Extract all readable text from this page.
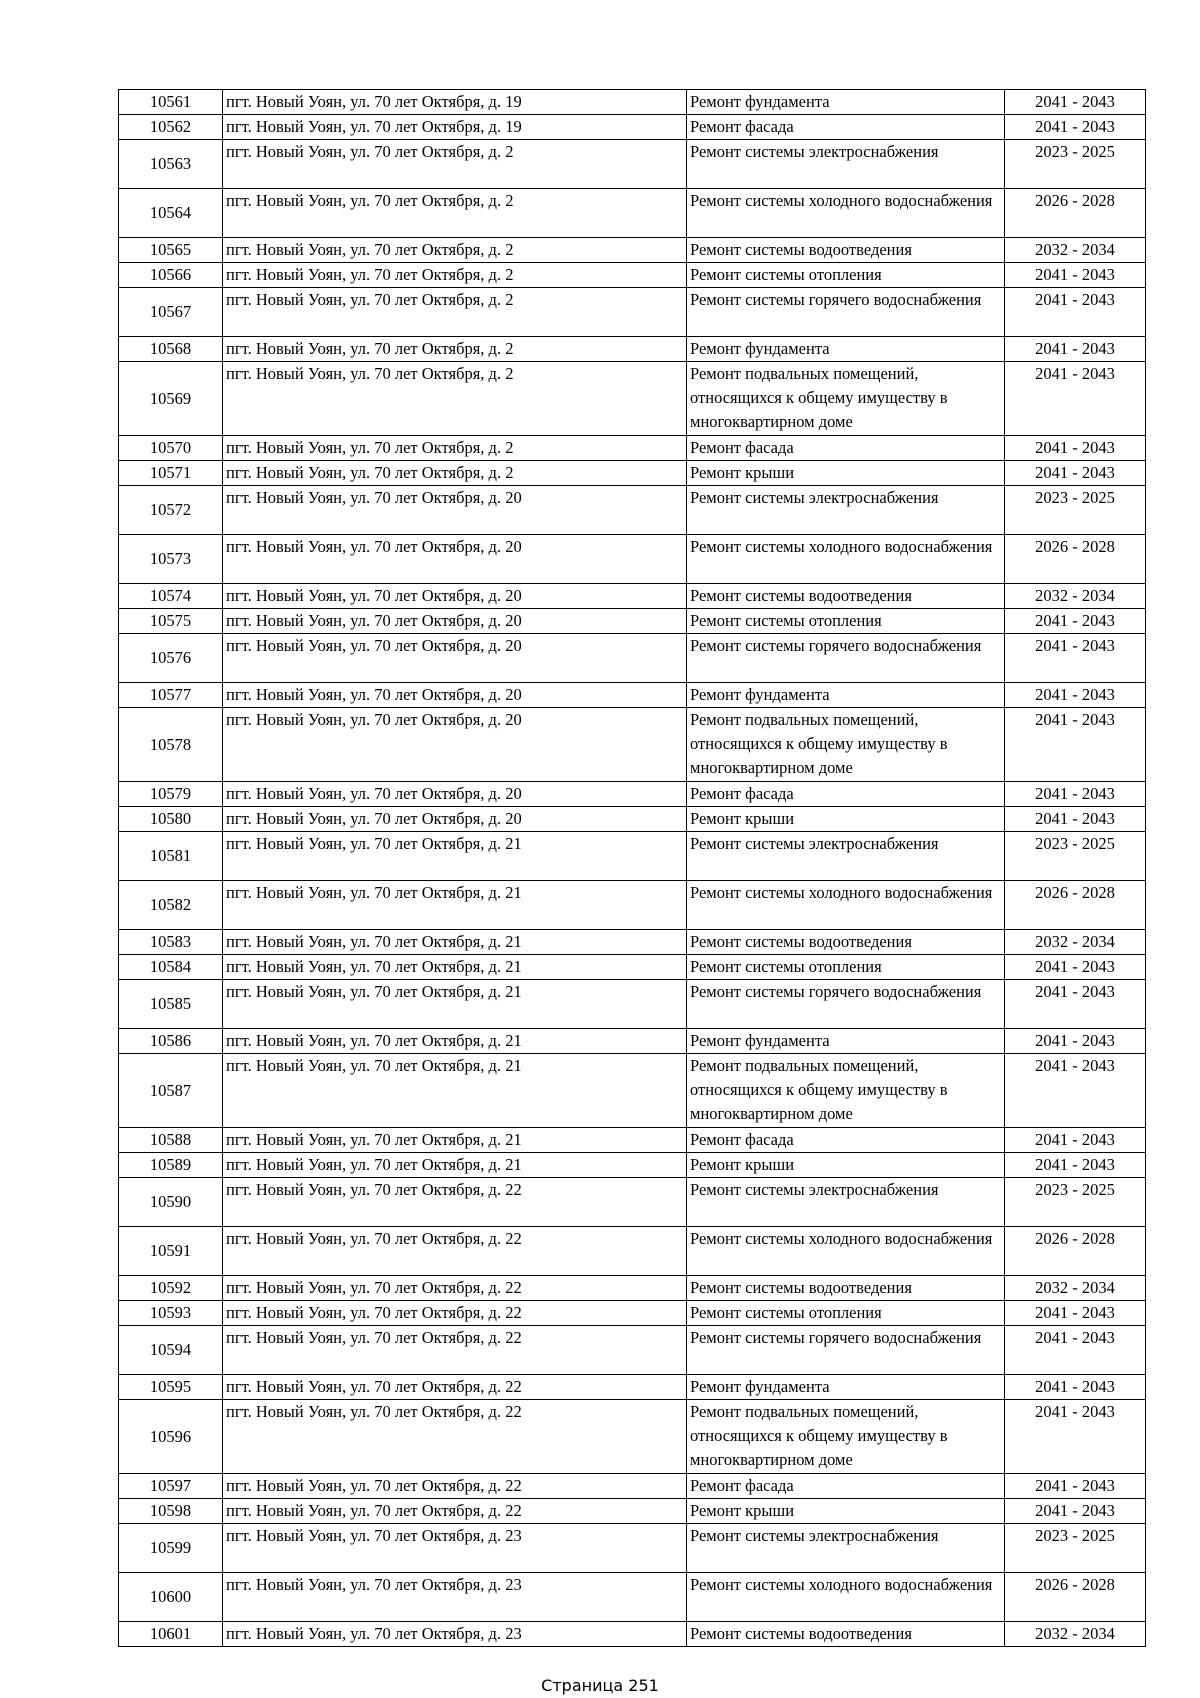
10561	пгт. Новый Уоян, ул. 70 лет Октября, д. 19	Ремонт фундамента	2041 - 2043
10562	пгт. Новый Уоян, ул. 70 лет Октября, д. 19	Ремонт фасада	2041 - 2043
10563	пгт. Новый Уоян, ул. 70 лет Октября, д. 2	Ремонт системы электроснабжения	2023 - 2025
10564	пгт. Новый Уоян, ул. 70 лет Октября, д. 2	Ремонт системы холодного водоснабжения	2026 - 2028
10565	пгт. Новый Уоян, ул. 70 лет Октября, д. 2	Ремонт системы водоотведения	2032 - 2034
10566	пгт. Новый Уоян, ул. 70 лет Октября, д. 2	Ремонт системы отопления	2041 - 2043
10567	пгт. Новый Уоян, ул. 70 лет Октября, д. 2	Ремонт системы горячего водоснабжения	2041 - 2043
10568	пгт. Новый Уоян, ул. 70 лет Октября, д. 2	Ремонт фундамента	2041 - 2043
10569	пгт. Новый Уоян, ул. 70 лет Октября, д. 2	Ремонт подвальных помещений, относящихся к общему имуществу в многоквартирном доме	2041 - 2043
10570	пгт. Новый Уоян, ул. 70 лет Октября, д. 2	Ремонт фасада	2041 - 2043
10571	пгт. Новый Уоян, ул. 70 лет Октября, д. 2	Ремонт крыши	2041 - 2043
10572	пгт. Новый Уоян, ул. 70 лет Октября, д. 20	Ремонт системы электроснабжения	2023 - 2025
10573	пгт. Новый Уоян, ул. 70 лет Октября, д. 20	Ремонт системы холодного водоснабжения	2026 - 2028
10574	пгт. Новый Уоян, ул. 70 лет Октября, д. 20	Ремонт системы водоотведения	2032 - 2034
10575	пгт. Новый Уоян, ул. 70 лет Октября, д. 20	Ремонт системы отопления	2041 - 2043
10576	пгт. Новый Уоян, ул. 70 лет Октября, д. 20	Ремонт системы горячего водоснабжения	2041 - 2043
10577	пгт. Новый Уоян, ул. 70 лет Октября, д. 20	Ремонт фундамента	2041 - 2043
10578	пгт. Новый Уоян, ул. 70 лет Октября, д. 20	Ремонт подвальных помещений, относящихся к общему имуществу в многоквартирном доме	2041 - 2043
10579	пгт. Новый Уоян, ул. 70 лет Октября, д. 20	Ремонт фасада	2041 - 2043
10580	пгт. Новый Уоян, ул. 70 лет Октября, д. 20	Ремонт крыши	2041 - 2043
10581	пгт. Новый Уоян, ул. 70 лет Октября, д. 21	Ремонт системы электроснабжения	2023 - 2025
10582	пгт. Новый Уоян, ул. 70 лет Октября, д. 21	Ремонт системы холодного водоснабжения	2026 - 2028
10583	пгт. Новый Уоян, ул. 70 лет Октября, д. 21	Ремонт системы водоотведения	2032 - 2034
10584	пгт. Новый Уоян, ул. 70 лет Октября, д. 21	Ремонт системы отопления	2041 - 2043
10585	пгт. Новый Уоян, ул. 70 лет Октября, д. 21	Ремонт системы горячего водоснабжения	2041 - 2043
10586	пгт. Новый Уоян, ул. 70 лет Октября, д. 21	Ремонт фундамента	2041 - 2043
10587	пгт. Новый Уоян, ул. 70 лет Октября, д. 21	Ремонт подвальных помещений, относящихся к общему имуществу в многоквартирном доме	2041 - 2043
10588	пгт. Новый Уоян, ул. 70 лет Октября, д. 21	Ремонт фасада	2041 - 2043
10589	пгт. Новый Уоян, ул. 70 лет Октября, д. 21	Ремонт крыши	2041 - 2043
10590	пгт. Новый Уоян, ул. 70 лет Октября, д. 22	Ремонт системы электроснабжения	2023 - 2025
10591	пгт. Новый Уоян, ул. 70 лет Октября, д. 22	Ремонт системы холодного водоснабжения	2026 - 2028
10592	пгт. Новый Уоян, ул. 70 лет Октября, д. 22	Ремонт системы водоотведения	2032 - 2034
10593	пгт. Новый Уоян, ул. 70 лет Октября, д. 22	Ремонт системы отопления	2041 - 2043
10594	пгт. Новый Уоян, ул. 70 лет Октября, д. 22	Ремонт системы горячего водоснабжения	2041 - 2043
10595	пгт. Новый Уоян, ул. 70 лет Октября, д. 22	Ремонт фундамента	2041 - 2043
10596	пгт. Новый Уоян, ул. 70 лет Октября, д. 22	Ремонт подвальных помещений, относящихся к общему имуществу в многоквартирном доме	2041 - 2043
10597	пгт. Новый Уоян, ул. 70 лет Октября, д. 22	Ремонт фасада	2041 - 2043
10598	пгт. Новый Уоян, ул. 70 лет Октября, д. 22	Ремонт крыши	2041 - 2043
10599	пгт. Новый Уоян, ул. 70 лет Октября, д. 23	Ремонт системы электроснабжения	2023 - 2025
10600	пгт. Новый Уоян, ул. 70 лет Октября, д. 23	Ремонт системы холодного водоснабжения	2026 - 2028
10601	пгт. Новый Уоян, ул. 70 лет Октября, д. 23	Ремонт системы водоотведения	2032 - 2034
Страница 251
